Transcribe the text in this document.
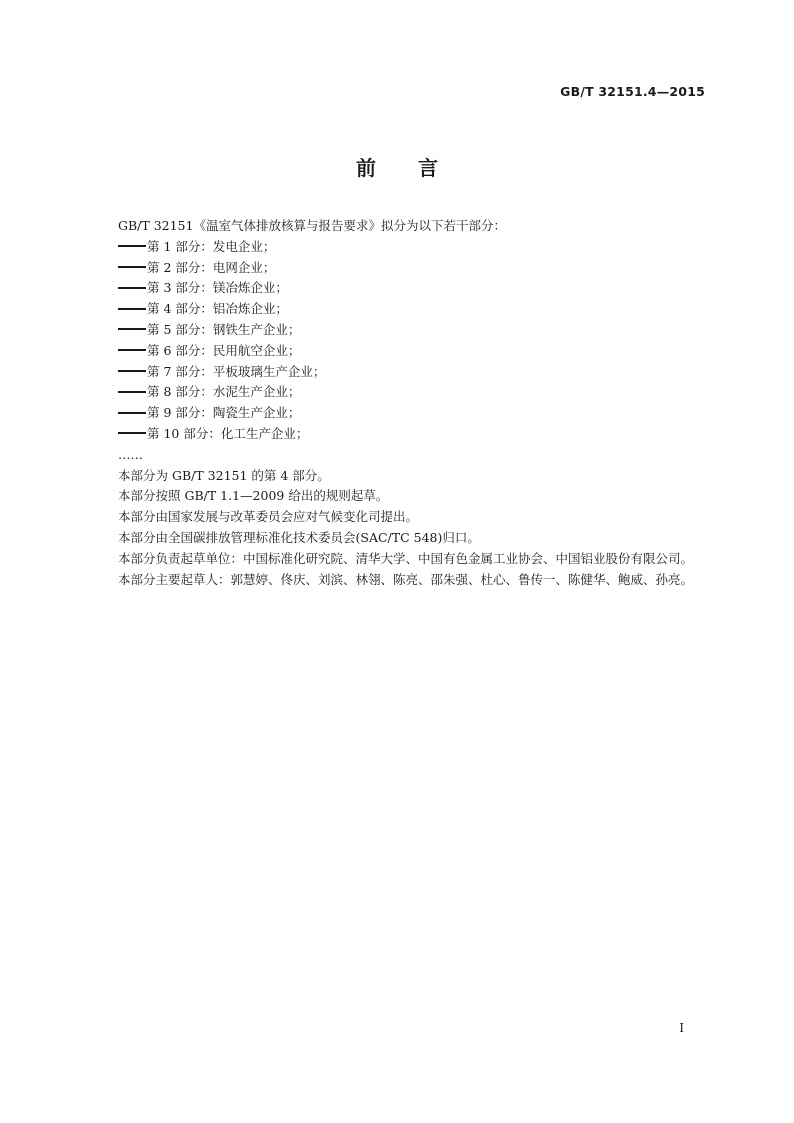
GB/T 32151.4—2015
前言

GB/T 32151《温室气体排放核算与报告要求》拟分为以下若干部分：

第 1 部分：发电企业；
第 2 部分：电网企业；
第 3 部分：镁冶炼企业；
第 4 部分：铝冶炼企业；
第 5 部分：钢铁生产企业；
第 6 部分：民用航空企业；
第 7 部分：平板玻璃生产企业；
第 8 部分：水泥生产企业；
第 9 部分：陶瓷生产企业；
第 10 部分：化工生产企业；

……

本部分为 GB/T 32151 的第 4 部分。

本部分按照 GB/T 1.1—2009 给出的规则起草。

本部分由国家发展与改革委员会应对气候变化司提出。

本部分由全国碳排放管理标准化技术委员会(SAC/TC 548)归口。

本部分负责起草单位：中国标准化研究院、清华大学、中国有色金属工业协会、中国铝业股份有限公司。

本部分主要起草人：郭慧婷、佟庆、刘滨、林翎、陈亮、邵朱强、杜心、鲁传一、陈健华、鲍威、孙亮。

I
